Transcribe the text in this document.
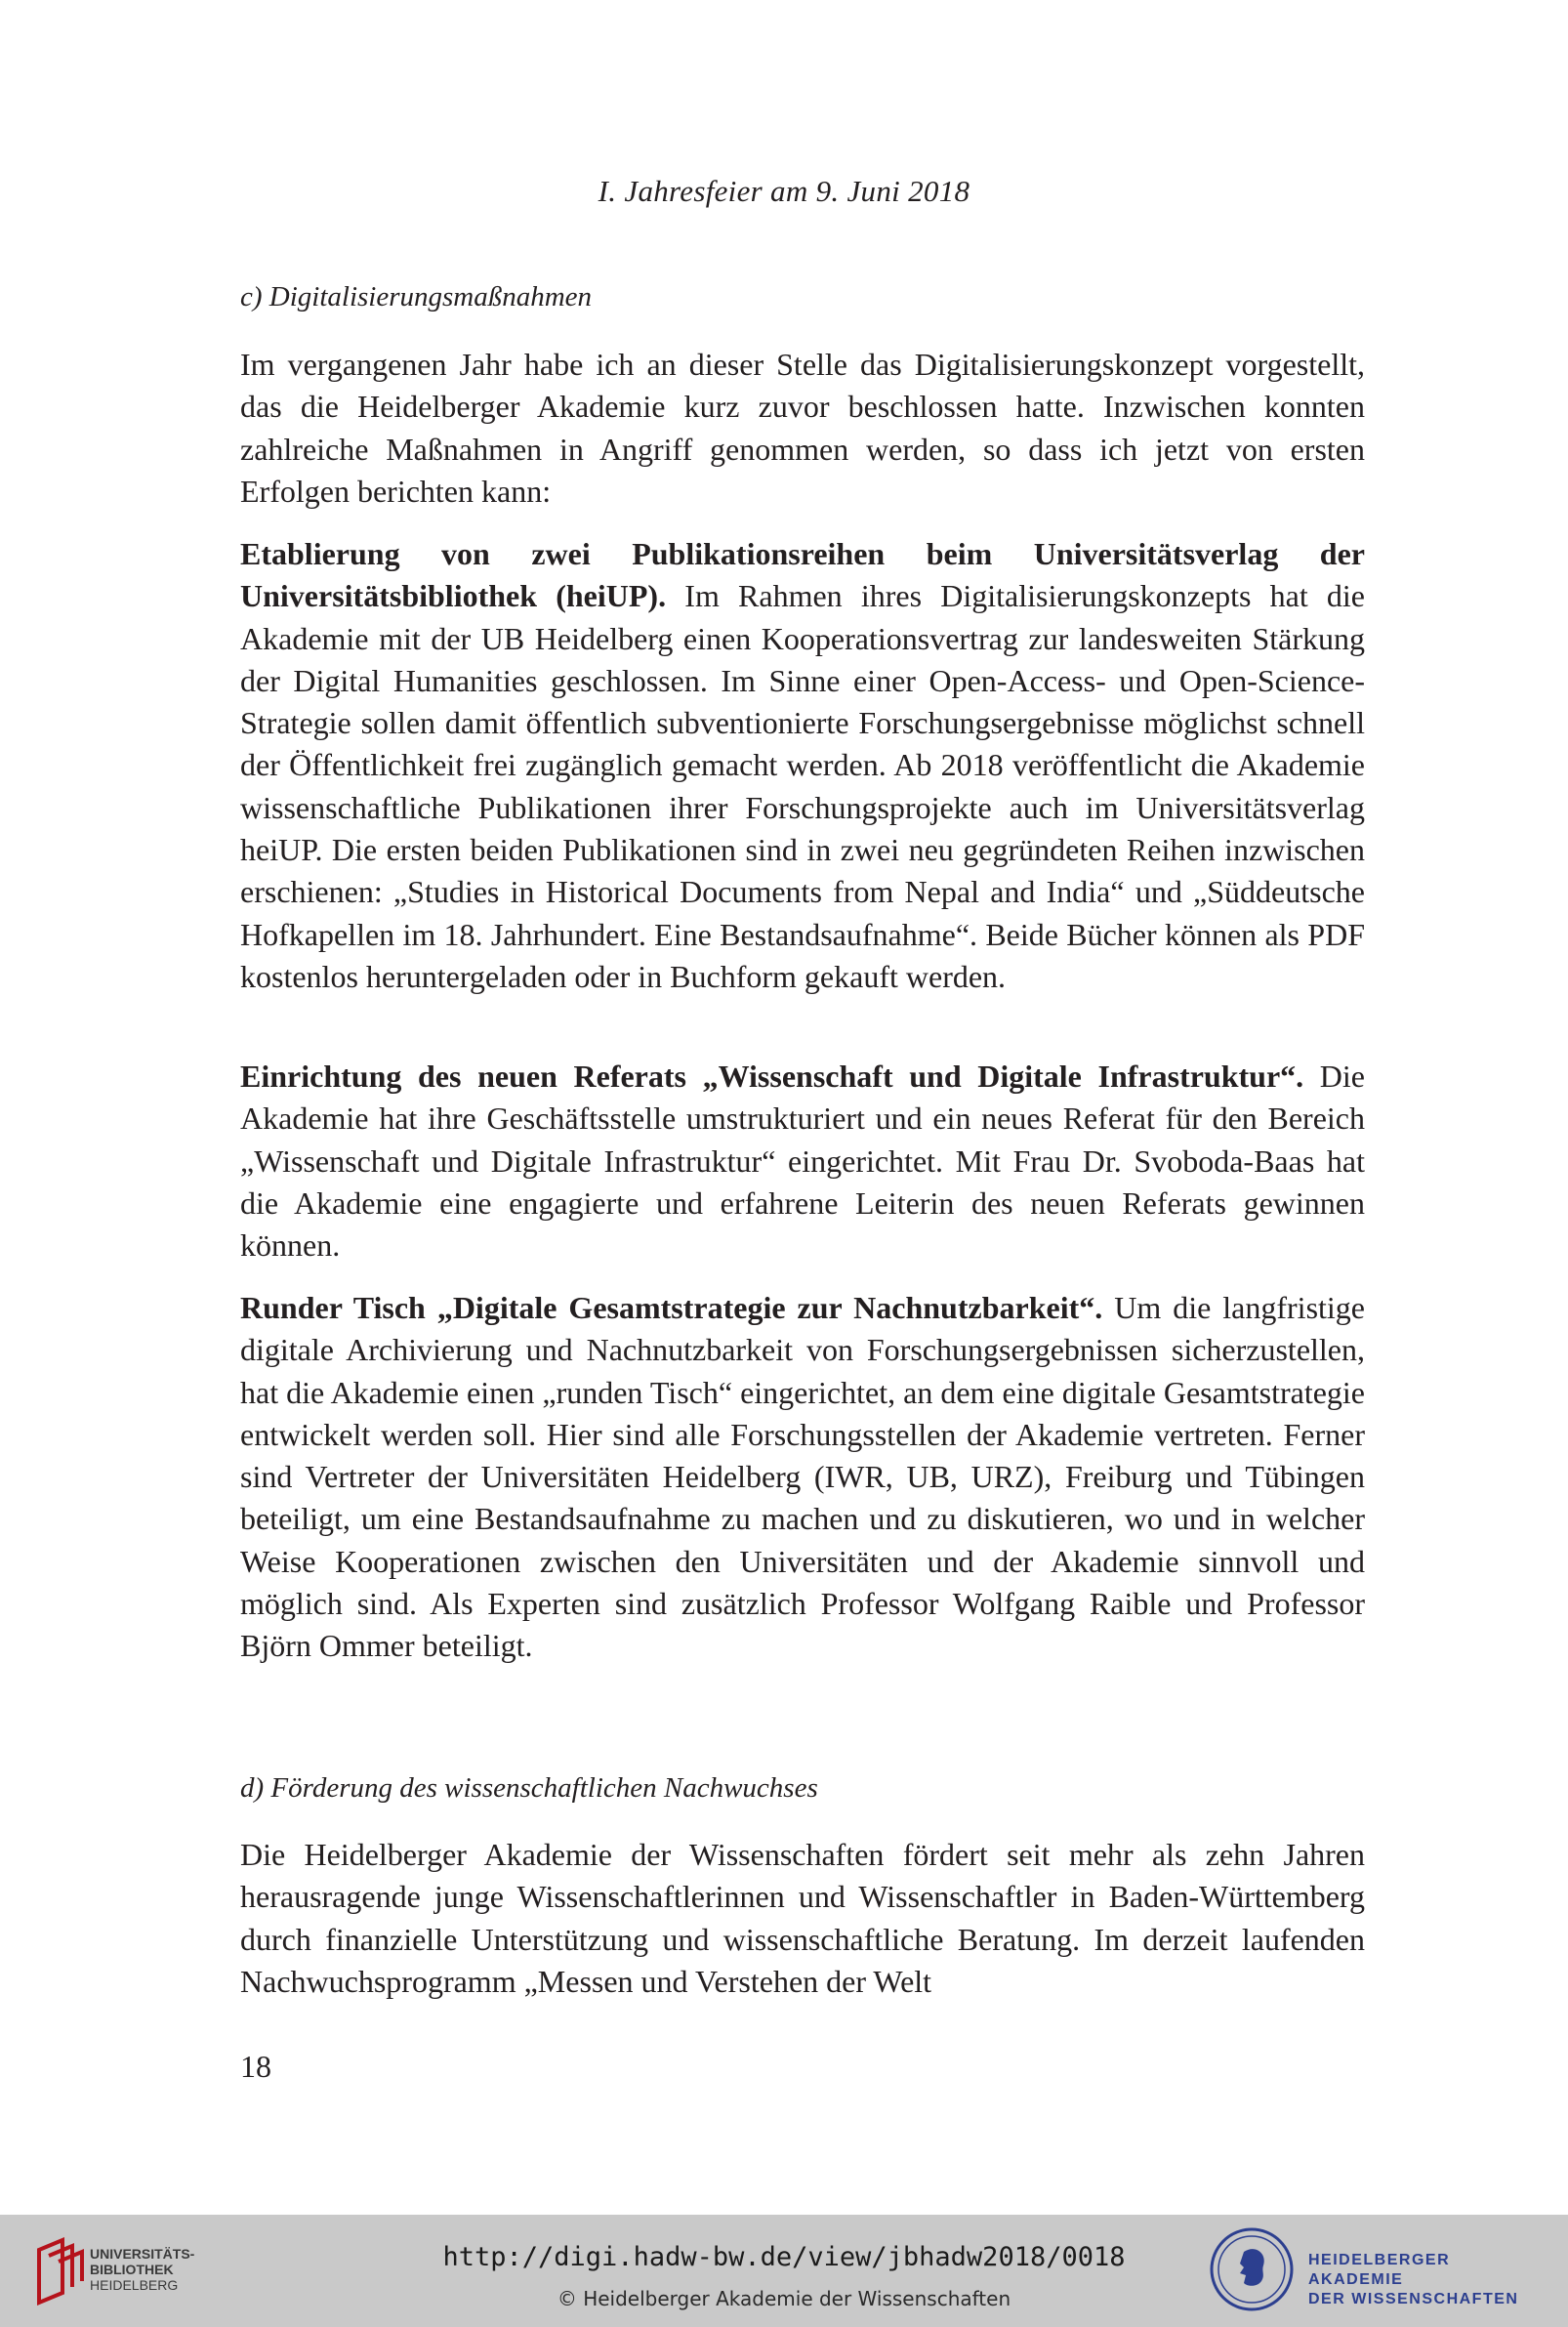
I. Jahresfeier am 9. Juni 2018
c) Digitalisierungsmaßnahmen

Im vergangenen Jahr habe ich an dieser Stelle das Digitalisierungskonzept vorgestellt, das die Heidelberger Akademie kurz zuvor beschlossen hatte. Inzwischen konnten zahlreiche Maßnahmen in Angriff genommen werden, so dass ich jetzt von ersten Erfolgen berichten kann:

Etablierung von zwei Publikationsreihen beim Universitätsverlag der Universitätsbibliothek (heiUP). Im Rahmen ihres Digitalisierungskonzepts hat die Akademie mit der UB Heidelberg einen Kooperationsvertrag zur landesweiten Stärkung der Digital Humanities geschlossen. Im Sinne einer Open-Access- und Open-Science-Strategie sollen damit öffentlich subventionierte Forschungsergebnisse möglichst schnell der Öffentlichkeit frei zugänglich gemacht werden. Ab 2018 veröffentlicht die Akademie wissenschaftliche Publikationen ihrer Forschungsprojekte auch im Universitätsverlag heiUP. Die ersten beiden Publikationen sind in zwei neu gegründeten Reihen inzwischen erschienen: „Studies in Historical Documents from Nepal and India“ und „Süddeutsche Hofkapellen im 18. Jahrhundert. Eine Bestandsaufnahme“. Beide Bücher können als PDF kostenlos heruntergeladen oder in Buchform gekauft werden.

Einrichtung des neuen Referats „Wissenschaft und Digitale Infrastruktur“. Die Akademie hat ihre Geschäftsstelle umstrukturiert und ein neues Referat für den Bereich „Wissenschaft und Digitale Infrastruktur“ eingerichtet. Mit Frau Dr. Svoboda-Baas hat die Akademie eine engagierte und erfahrene Leiterin des neuen Referats gewinnen können.

Runder Tisch „Digitale Gesamtstrategie zur Nachnutzbarkeit“. Um die langfristige digitale Archivierung und Nachnutzbarkeit von Forschungsergebnissen sicherzustellen, hat die Akademie einen „runden Tisch“ eingerichtet, an dem eine digitale Gesamtstrategie entwickelt werden soll. Hier sind alle Forschungsstellen der Akademie vertreten. Ferner sind Vertreter der Universitäten Heidelberg (IWR, UB, URZ), Freiburg und Tübingen beteiligt, um eine Bestandsaufnahme zu machen und zu diskutieren, wo und in welcher Weise Kooperationen zwischen den Universitäten und der Akademie sinnvoll und möglich sind. Als Experten sind zusätzlich Professor Wolfgang Raible und Professor Björn Ommer beteiligt.

d) Förderung des wissenschaftlichen Nachwuchses

Die Heidelberger Akademie der Wissenschaften fördert seit mehr als zehn Jahren herausragende junge Wissenschaftlerinnen und Wissenschaftler in Baden-Württemberg durch finanzielle Unterstützung und wissenschaftliche Beratung. Im derzeit laufenden Nachwuchsprogramm „Messen und Verstehen der Welt

18
UNIVERSITÄTS-
BIBLIOTHEK
HEIDELBERG
http://digi.hadw-bw.de/view/jbhadw2018/0018
© Heidelberger Akademie der Wissenschaften
HEIDELBERGER AKADEMIE
DER WISSENSCHAFTEN
